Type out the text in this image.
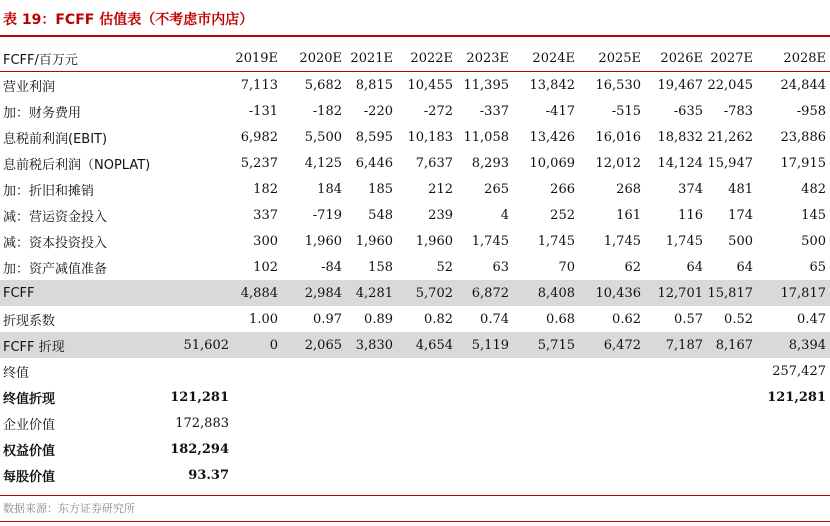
表 19：FCFF 估值表（不考虑市内店）
FCFF/百万元		2019E	2020E	2021E	2022E	2023E	2024E	2025E	2026E	2027E	2028E
营业利润		7,113	5,682	8,815	10,455	11,395	13,842	16,530	19,467	22,045	24,844
加：财务费用		-131	-182	-220	-272	-337	-417	-515	-635	-783	-958
息税前利润(EBIT)		6,982	5,500	8,595	10,183	11,058	13,426	16,016	18,832	21,262	23,886
息前税后利润（NOPLAT)		5,237	4,125	6,446	7,637	8,293	10,069	12,012	14,124	15,947	17,915
加：折旧和摊销		182	184	185	212	265	266	268	374	481	482
减：营运资金投入		337	-719	548	239	4	252	161	116	174	145
减：资本投资投入		300	1,960	1,960	1,960	1,745	1,745	1,745	1,745	500	500
加：资产减值准备		102	-84	158	52	63	70	62	64	64	65
FCFF		4,884	2,984	4,281	5,702	6,872	8,408	10,436	12,701	15,817	17,817
折现系数		1.00	0.97	0.89	0.82	0.74	0.68	0.62	0.57	0.52	0.47
FCFF 折现	51,602	0	2,065	3,830	4,654	5,119	5,715	6,472	7,187	8,167	8,394
终值											257,427
终值折现	121,281										121,281
企业价值	172,883										
权益价值	182,294										
每股价值	93.37										
数据来源：东方证券研究所
